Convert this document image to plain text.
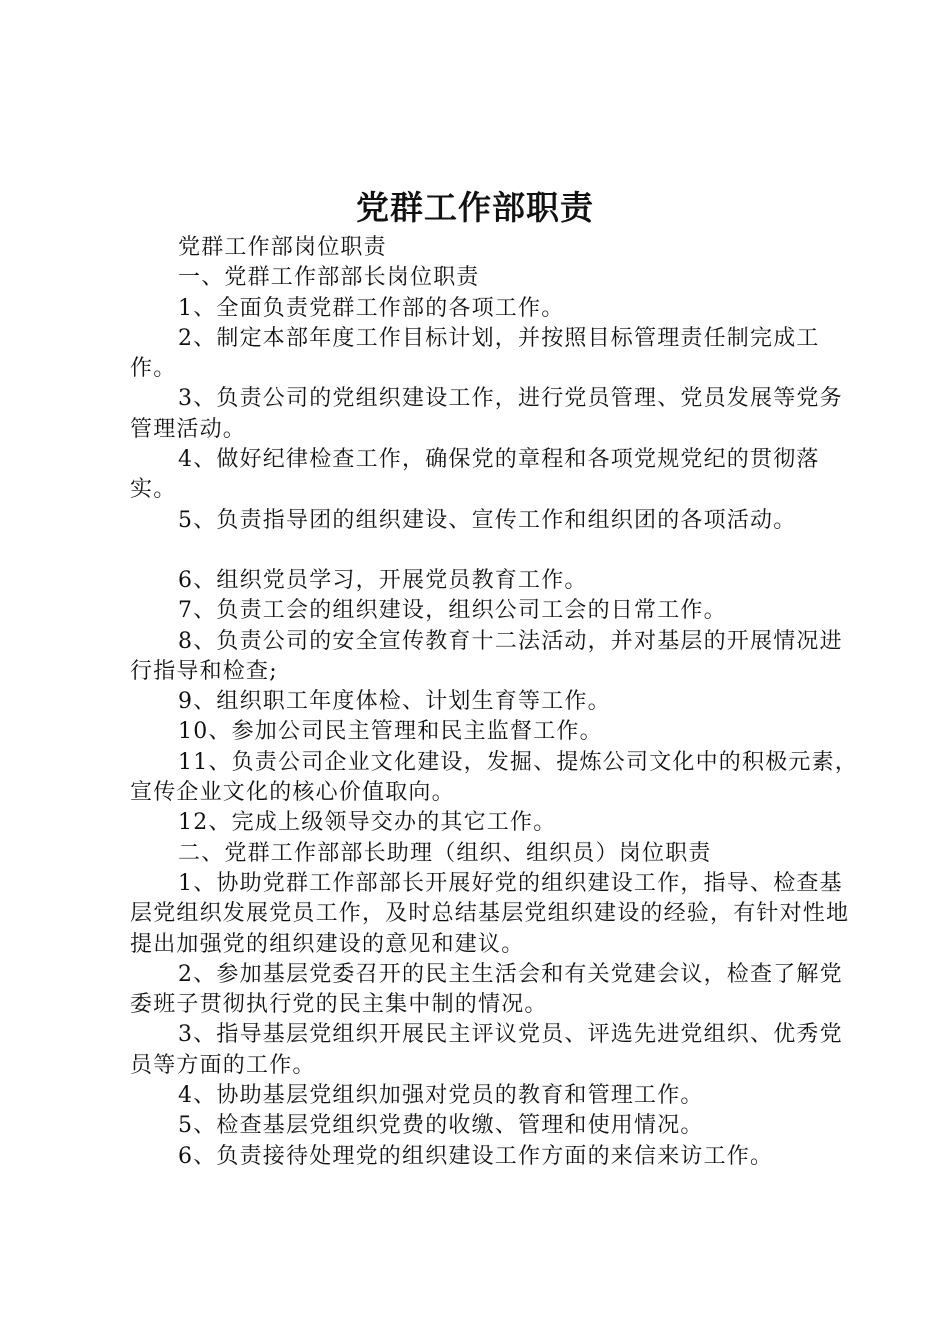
党群工作部职责

党群工作部岗位职责

一、党群工作部部长岗位职责

1、全面负责党群工作部的各项工作。

2、制定本部年度工作目标计划，并按照目标管理责任制完成工作。

3、负责公司的党组织建设工作，进行党员管理、党员发展等党务管理活动。

4、做好纪律检查工作，确保党的章程和各项党规党纪的贯彻落实。

5、负责指导团的组织建设、宣传工作和组织团的各项活动。

6、组织党员学习，开展党员教育工作。

7、负责工会的组织建设，组织公司工会的日常工作。

8、负责公司的安全宣传教育十二法活动，并对基层的开展情况进行指导和检查;

9、组织职工年度体检、计划生育等工作。

10、参加公司民主管理和民主监督工作。

11、负责公司企业文化建设，发掘、提炼公司文化中的积极元素，宣传企业文化的核心价值取向。

12、完成上级领导交办的其它工作。

二、党群工作部部长助理（组织、组织员）岗位职责

1、协助党群工作部部长开展好党的组织建设工作，指导、检查基层党组织发展党员工作，及时总结基层党组织建设的经验，有针对性地提出加强党的组织建设的意见和建议。

2、参加基层党委召开的民主生活会和有关党建会议，检查了解党委班子贯彻执行党的民主集中制的情况。

3、指导基层党组织开展民主评议党员、评选先进党组织、优秀党员等方面的工作。

4、协助基层党组织加强对党员的教育和管理工作。

5、检查基层党组织党费的收缴、管理和使用情况。

6、负责接待处理党的组织建设工作方面的来信来访工作。
